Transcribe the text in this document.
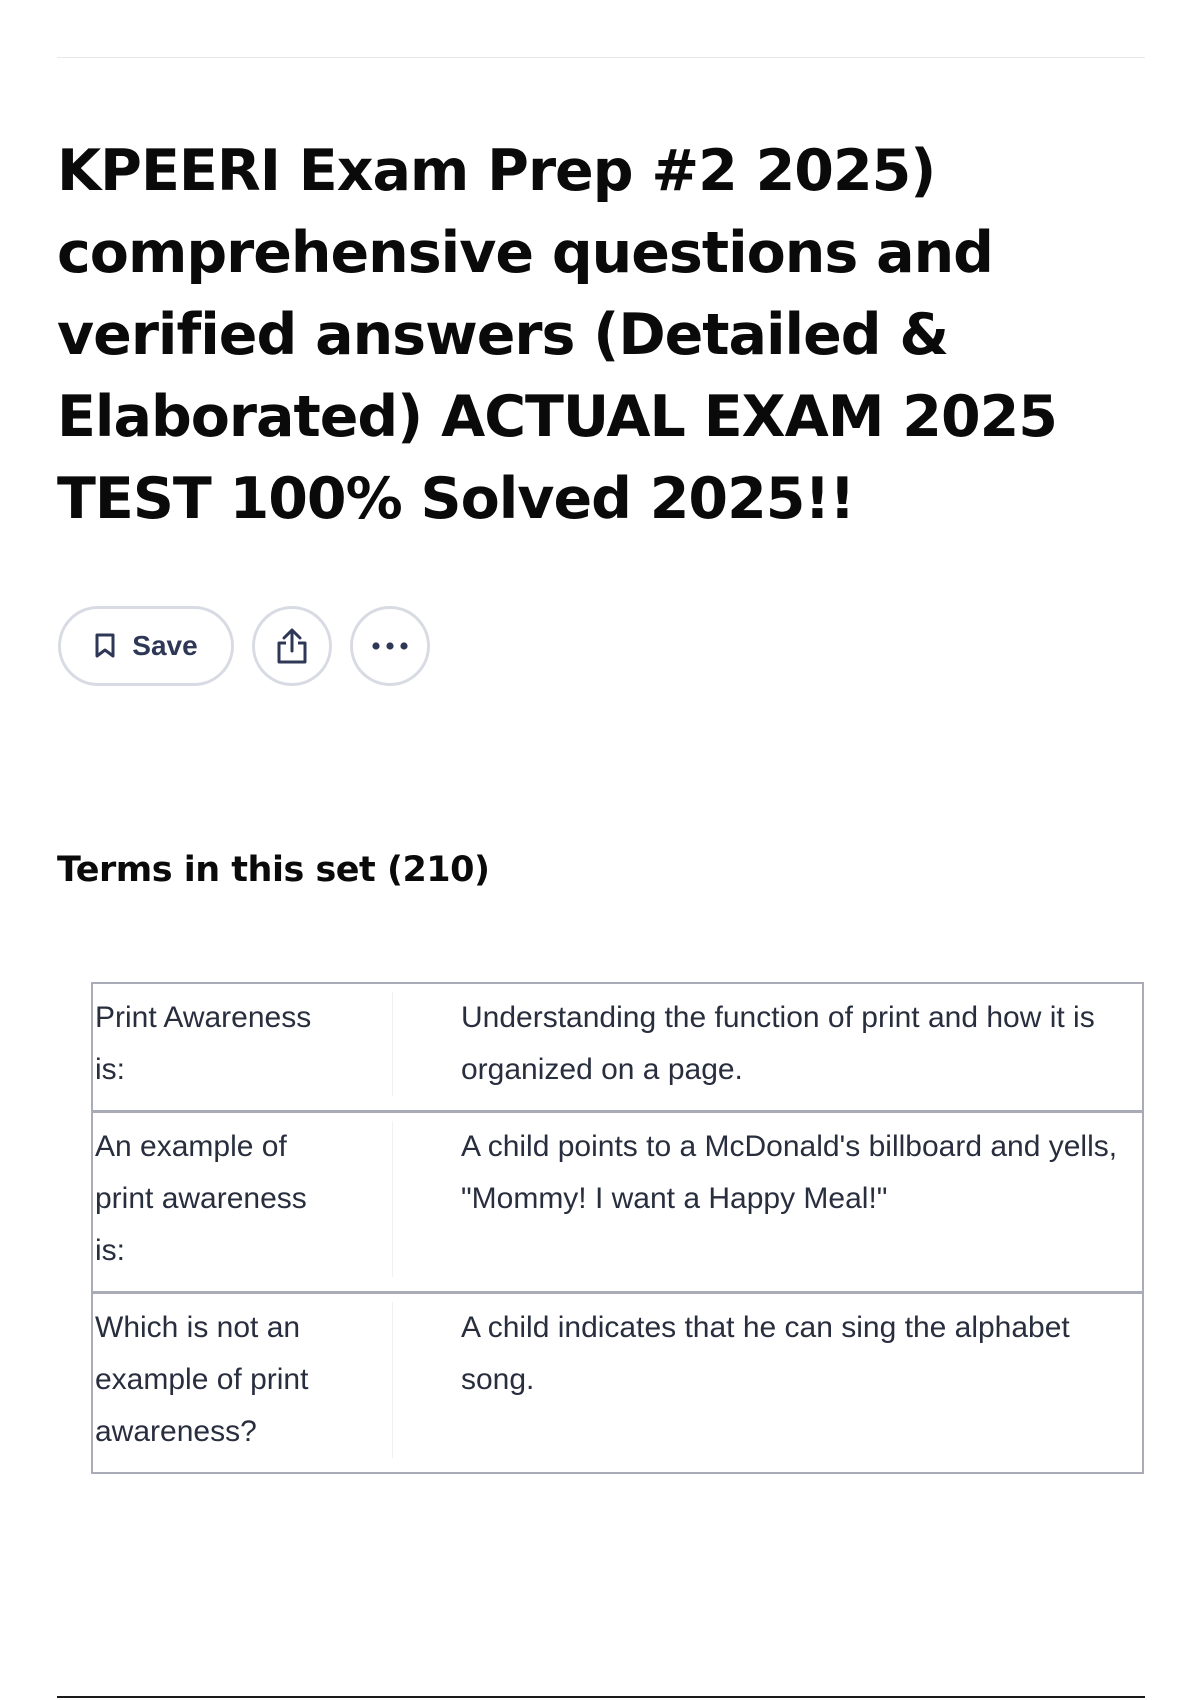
KPEERI Exam Prep #2 2025) comprehensive questions and verified answers (Detailed & Elaborated) ACTUAL EXAM 2025 TEST 100% Solved 2025!!
Save
Terms in this set (210)
Print Awareness
is:
Understanding the function of print and how it is organized on a page.
An example of
print awareness
is:
A child points to a McDonald's billboard and yells, "Mommy! I want a Happy Meal!"
Which is not an
example of print
awareness?
A child indicates that he can sing the alphabet song.
